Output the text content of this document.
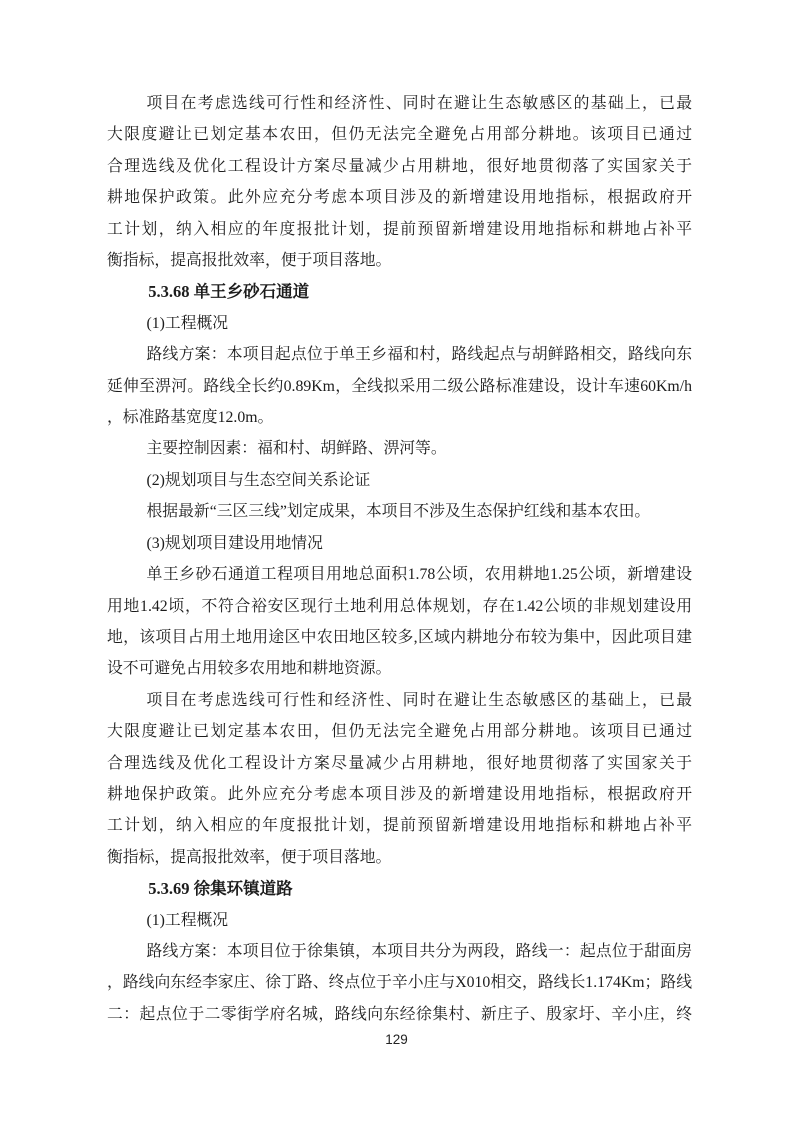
项目在考虑选线可行性和经济性、同时在避让生态敏感区的基础上，已最
大限度避让已划定基本农田，但仍无法完全避免占用部分耕地。该项目已通过
合理选线及优化工程设计方案尽量减少占用耕地，很好地贯彻落了实国家关于
耕地保护政策。此外应充分考虑本项目涉及的新增建设用地指标，根据政府开
工计划，纳入相应的年度报批计划，提前预留新增建设用地指标和耕地占补平
衡指标，提高报批效率，便于项目落地。
5.3.68 单王乡砂石通道
(1)工程概况
路线方案：本项目起点位于单王乡福和村，路线起点与胡鲜路相交，路线向东
延伸至淠河。路线全长约0.89Km，全线拟采用二级公路标准建设，设计车速60Km/h
，标准路基宽度12.0m。
主要控制因素：福和村、胡鲜路、淠河等。
(2)规划项目与生态空间关系论证
根据最新“三区三线”划定成果，本项目不涉及生态保护红线和基本农田。
(3)规划项目建设用地情况
单王乡砂石通道工程项目用地总面积1.78公顷，农用耕地1.25公顷，新增建设
用地1.42顷，不符合裕安区现行土地利用总体规划，存在1.42公顷的非规划建设用
地，该项目占用土地用途区中农田地区较多,区域内耕地分布较为集中，因此项目建
设不可避免占用较多农用地和耕地资源。
项目在考虑选线可行性和经济性、同时在避让生态敏感区的基础上，已最
大限度避让已划定基本农田，但仍无法完全避免占用部分耕地。该项目已通过
合理选线及优化工程设计方案尽量减少占用耕地，很好地贯彻落了实国家关于
耕地保护政策。此外应充分考虑本项目涉及的新增建设用地指标，根据政府开
工计划，纳入相应的年度报批计划，提前预留新增建设用地指标和耕地占补平
衡指标，提高报批效率，便于项目落地。
5.3.69 徐集环镇道路
(1)工程概况
路线方案：本项目位于徐集镇，本项目共分为两段，路线一：起点位于甜面房
，路线向东经李家庄、徐丁路、终点位于辛小庄与X010相交，路线长1.174Km；路线
二：起点位于二零街学府名城，路线向东经徐集村、新庄子、殷家圩、辛小庄，终
129
